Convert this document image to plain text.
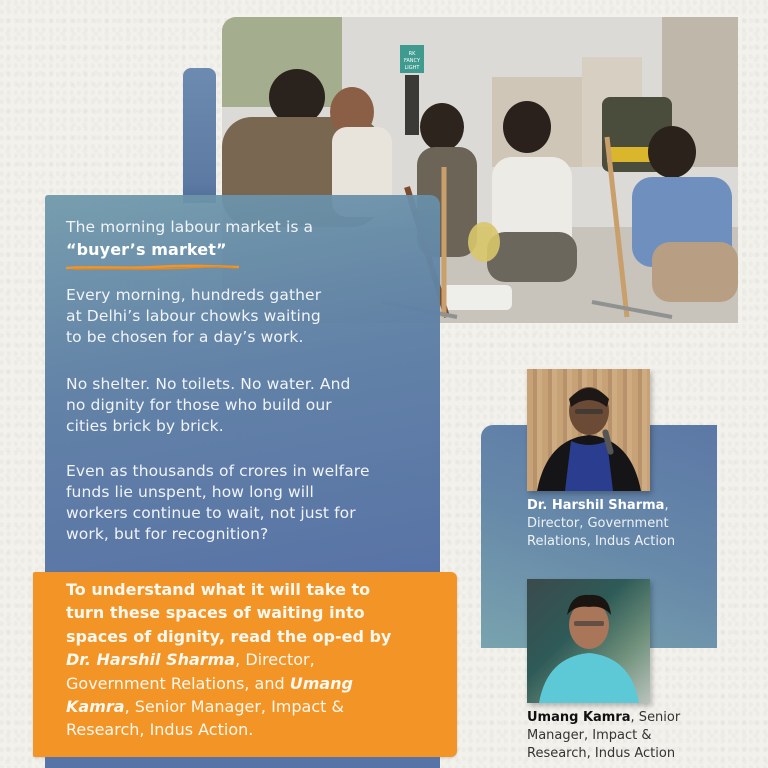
RK
FANCY
LIGHT
The morning labour market is a
“buyer’s market”
Every morning, hundreds gather
at Delhi’s labour chowks waiting
to be chosen for a day’s work.
No shelter. No toilets. No water. And
no dignity for those who build our
cities brick by brick.
Even as thousands of crores in welfare
funds lie unspent, how long will
workers continue to wait, not just for
work, but for recognition?
To understand what it will take to
turn these spaces of waiting into
spaces of dignity, read the op-ed by
Dr. Harshil Sharma, Director,
Government Relations, and Umang
Kamra, Senior Manager, Impact &
Research, Indus Action.
Dr. Harshil Sharma,
Director, Government
Relations, Indus Action
Umang Kamra, Senior
Manager, Impact &
Research, Indus Action
